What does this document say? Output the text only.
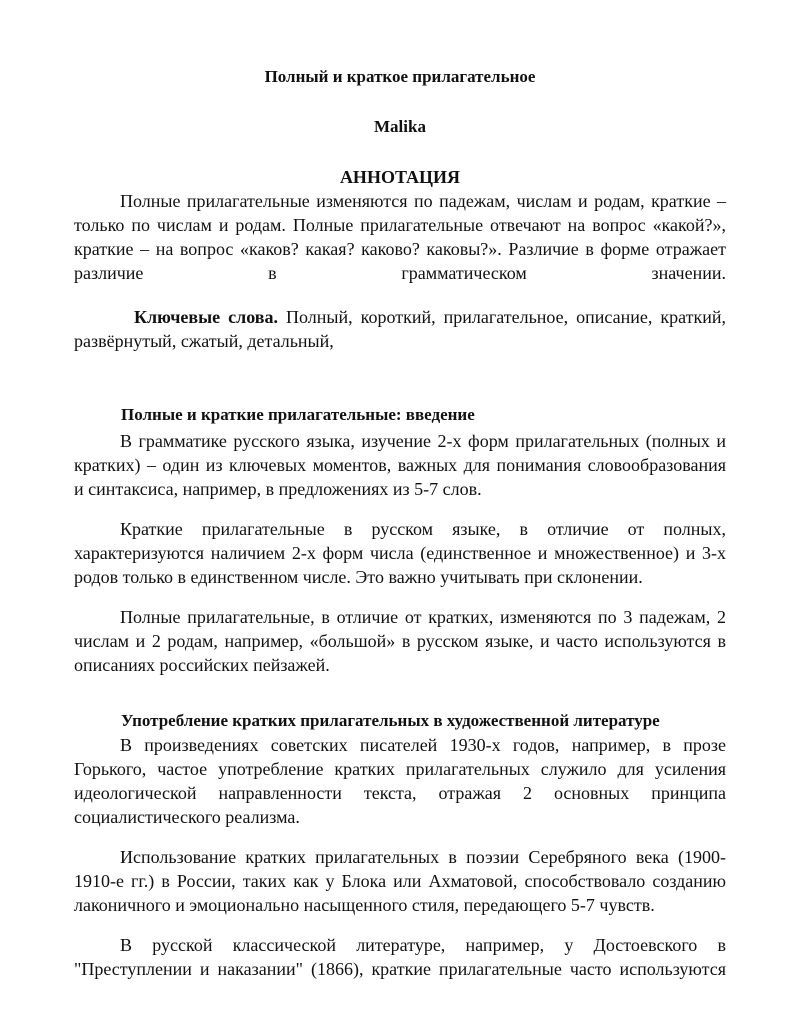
Полный и краткое прилагательное
Malika
АННОТАЦИЯ
Полные прилагательные изменяются по падежам, числам и родам, краткие –
только по числам и родам. Полные прилагательные отвечают на вопрос «какой?»,
краткие – на вопрос «каков? какая? каково? каковы?». Различие в форме отражает
различие в грамматическом значении.
Ключевые слова. Полный, короткий, прилагательное, описание, краткий,
развёрнутый, сжатый, детальный,
Полные и краткие прилагательные: введение
В грамматике русского языка, изучение 2-х форм прилагательных (полных и
кратких) – один из ключевых моментов, важных для понимания словообразования
и синтаксиса, например, в предложениях из 5-7 слов.
Краткие прилагательные в русском языке, в отличие от полных,
характеризуются наличием 2-х форм числа (единственное и множественное) и 3-х
родов только в единственном числе. Это важно учитывать при склонении.
Полные прилагательные, в отличие от кратких, изменяются по 3 падежам, 2
числам и 2 родам, например, «большой» в русском языке, и часто используются в
описаниях российских пейзажей.
Употребление кратких прилагательных в художественной литературе
В произведениях советских писателей 1930-х годов, например, в прозе
Горького, частое употребление кратких прилагательных служило для усиления
идеологической направленности текста, отражая 2 основных принципа
социалистического реализма.
Использование кратких прилагательных в поэзии Серебряного века (1900-
1910-е гг.) в России, таких как у Блока или Ахматовой, способствовало созданию
лаконичного и эмоционально насыщенного стиля, передающего 5-7 чувств.
В русской классической литературе, например, у Достоевского в
"Преступлении и наказании" (1866), краткие прилагательные часто используются
